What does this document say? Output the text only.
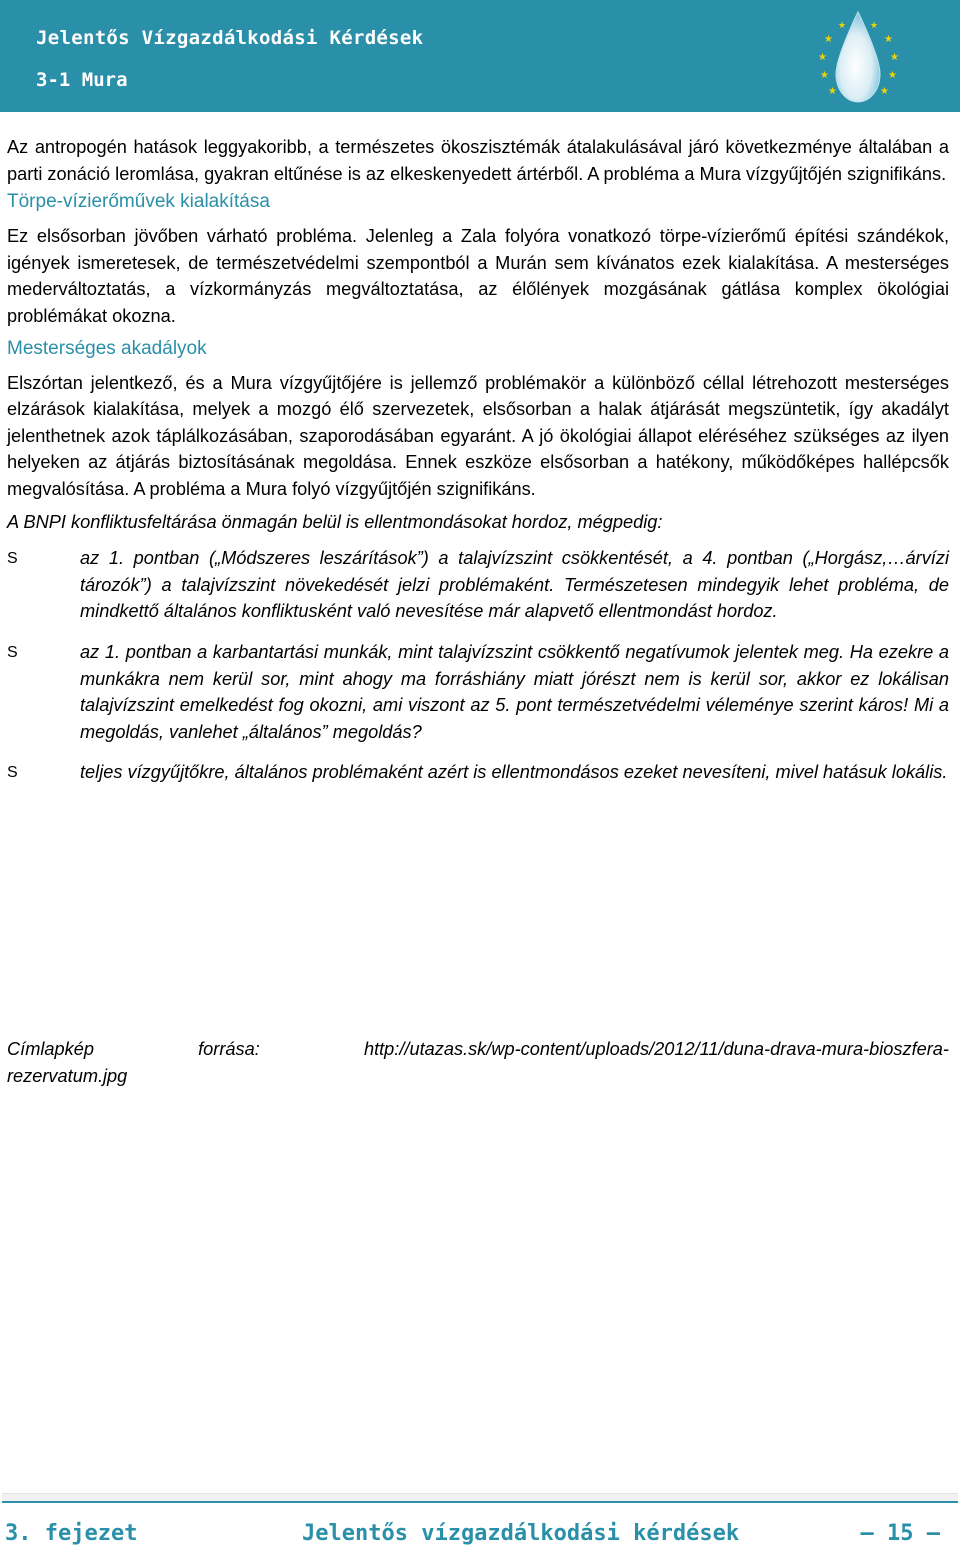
Jelentős Vízgazdálkodási Kérdések
3-1 Mura
★
★
★
★
★
★
★
★
★	★

Az antropogén hatások leggyakoribb, a természetes ökoszisztémák átalakulásával járó következménye általában a parti zonáció leromlása, gyakran eltűnése is az elkeskenyedett ártérből. A probléma a Mura vízgyűjtőjén szignifikáns.

Törpe-vízierőművek kialakítása

Ez elsősorban jövőben várható probléma. Jelenleg a Zala folyóra vonatkozó törpe-vízierőmű építési szándékok, igények ismeretesek, de természetvédelmi szempontból a Murán sem kívánatos ezek kialakítása. A mesterséges mederváltoztatás, a vízkormányzás megváltoztatása, az élőlények mozgásának gátlása komplex ökológiai problémákat okozna.

Mesterséges akadályok

Elszórtan jelentkező, és a Mura vízgyűjtőjére is jellemző problémakör a különböző céllal létrehozott mesterséges elzárások kialakítása, melyek a mozgó élő szervezetek, elsősorban a halak átjárását megszüntetik, így akadályt jelenthetnek azok táplálkozásában, szaporodásában egyaránt. A jó ökológiai állapot eléréséhez szükséges az ilyen helyeken az átjárás biztosításának megoldása. Ennek eszköze elsősorban a hatékony, működőképes hallépcsők megvalósítása. A probléma a Mura folyó vízgyűjtőjén szignifikáns.

A BNPI konfliktusfeltárása önmagán belül is ellentmondásokat hordoz, mégpedig:

S	az 1. pontban („Módszeres leszárítások”) a talajvízszint csökkentését, a 4. pontban („Horgász,…árvízi tározók”) a talajvízszint növekedését jelzi problémaként. Természetesen mindegyik lehet probléma, de mindkettő általános konfliktusként való nevesítése már alapvető ellentmondást hordoz.
S	az 1. pontban a karbantartási munkák, mint talajvízszint csökkentő negatívumok jelentek meg. Ha ezekre a munkákra nem kerül sor, mint ahogy ma forráshiány miatt jórészt nem is kerül sor, akkor ez lokálisan talajvízszint emelkedést fog okozni, ami viszont az 5. pont természetvédelmi véleménye szerint káros! Mi a megoldás, vanlehet „általános” megoldás?
S	teljes vízgyűjtőkre, általános problémaként azért is ellentmondásos ezeket nevesíteni, mivel hatásuk lokális.
Címlapkép	forrása:	http://utazas.sk/wp-content/uploads/2012/11/duna-drava-mura-bioszfera-
rezervatum.jpg
3. fejezet	Jelentős vízgazdálkodási kérdések	— 15 —
